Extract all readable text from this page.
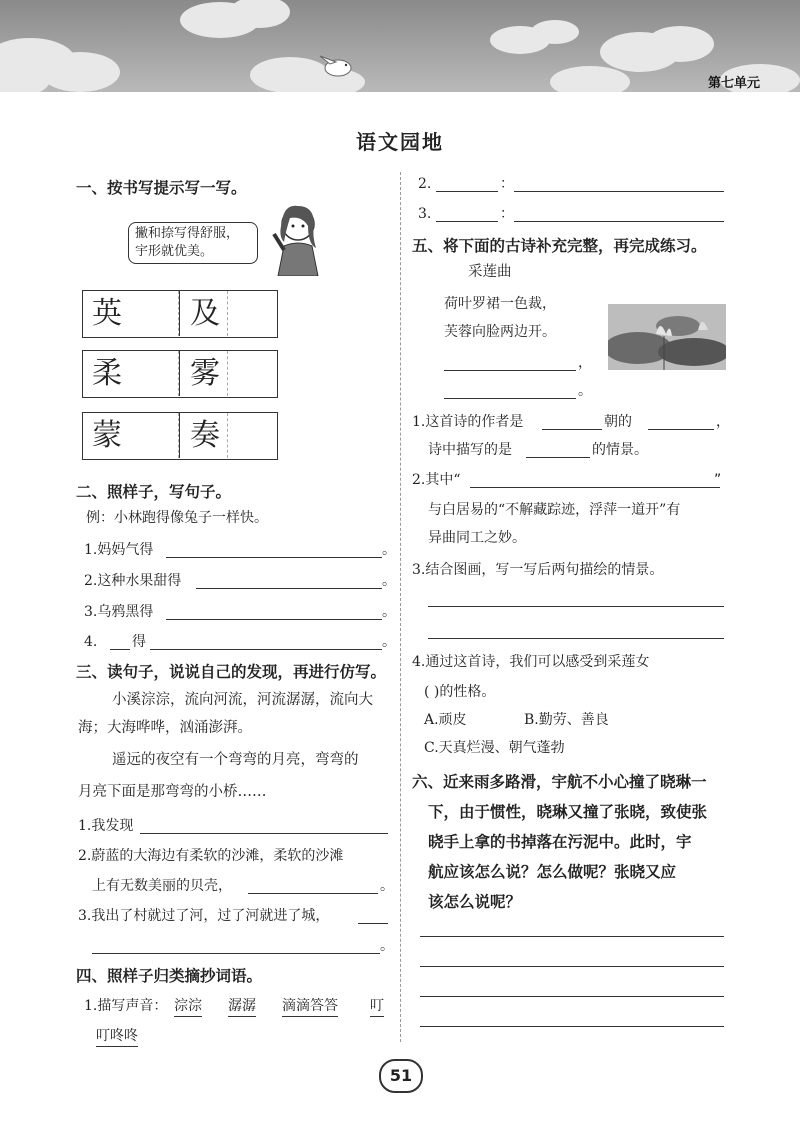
第七单元
语文园地
一、按书写提示写一写。
撇和捺写得舒服，宇形就优美。
英	及
柔	雾
蒙	奏
二、照样子，写句子。
例：小林跑得像兔子一样快。
1.妈妈气得	。
2.这种水果甜得	。
3.乌鸦黑得	。
4. 得	。
三、读句子，说说自己的发现，再进行仿写。
小溪淙淙，流向河流，河流潺潺，流向大
海；大海哗哗，汹涌澎湃。
遥远的夜空有一个弯弯的月亮，弯弯的
月亮下面是那弯弯的小桥……
1.我发现
2.蔚蓝的大海边有柔软的沙滩，柔软的沙滩
上有无数美丽的贝壳，	。
3.我出了村就过了河，过了河就进了城，
。
四、照样子归类摘抄词语。
1.描写声音： 淙淙 潺潺 滴滴答答 叮
叮咚咚
2.	：
3.	：
五、将下面的古诗补充完整，再完成练习。
采莲曲
荷叶罗裙一色裁，
芙蓉向脸两边开。
，
。
1.这首诗的作者是	朝的	，
诗中描写的是	的情景。
2.其中“	”
与白居易的“不解藏踪迹，浮萍一道开”有
异曲同工之妙。
3.结合图画，写一写后两句描绘的情景。
4.通过这首诗，我们可以感受到采莲女
( )的性格。
A.顽皮	B.勤劳、善良
C.天真烂漫、朝气蓬勃
六、近来雨多路滑，宇航不小心撞了晓琳一
下，由于惯性，晓琳又撞了张晓，致使张
晓手上拿的书掉落在污泥中。此时，宇
航应该怎么说？怎么做呢？张晓又应
该怎么说呢？
51
